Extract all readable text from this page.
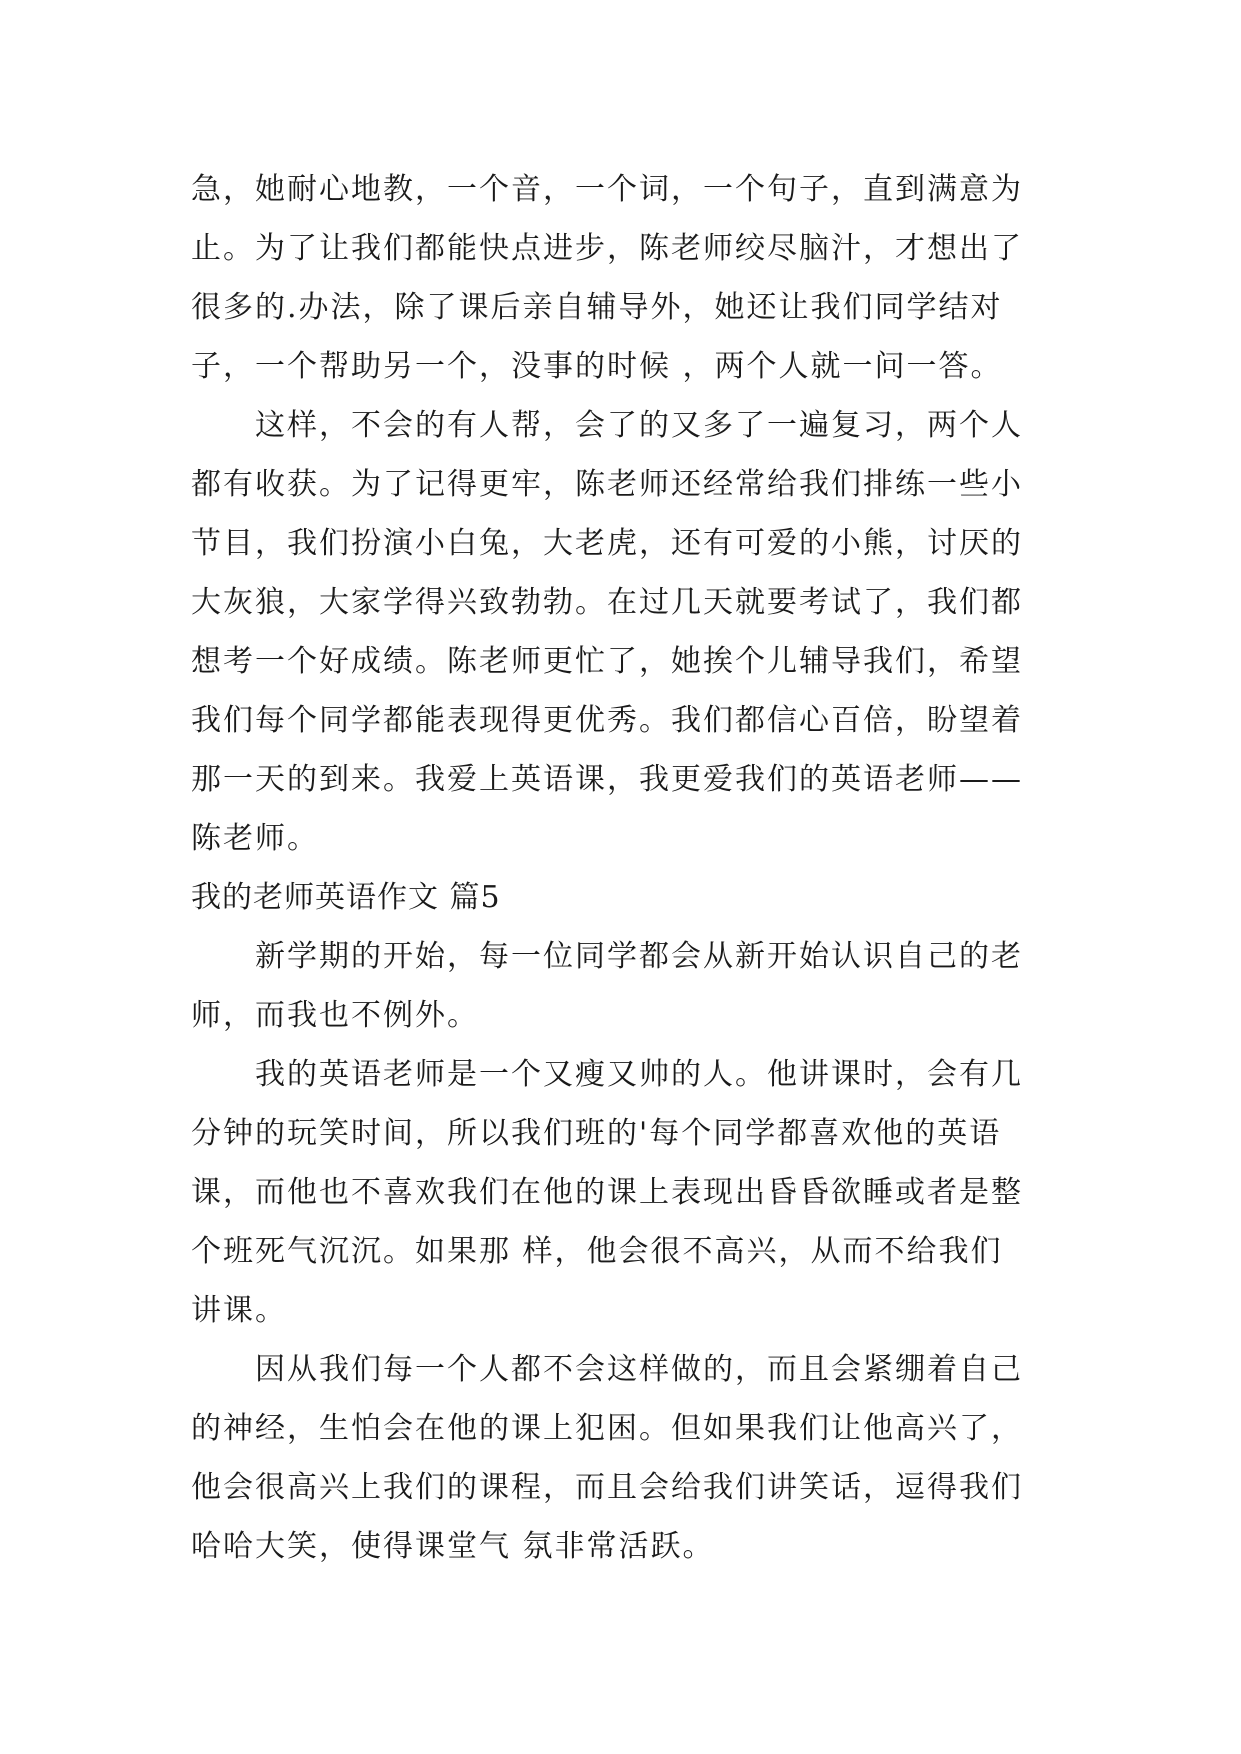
急，她耐心地教，一个音，一个词，一个句子，直到满意为
止。为了让我们都能快点进步，陈老师绞尽脑汁，才想出了
很多的.办法，除了课后亲自辅导外，她还让我们同学结对
子，一个帮助另一个，没事的时候 ，两个人就一问一答。
　　这样，不会的有人帮，会了的又多了一遍复习，两个人
都有收获。为了记得更牢，陈老师还经常给我们排练一些小
节目，我们扮演小白兔，大老虎，还有可爱的小熊，讨厌的
大灰狼，大家学得兴致勃勃。在过几天就要考试了，我们都
想考一个好成绩。陈老师更忙了，她挨个儿辅导我们，希望
我们每个同学都能表现得更优秀。我们都信心百倍，盼望着
那一天的到来。我爱上英语课，我更爱我们的英语老师——
陈老师。
我的老师英语作文 篇5
　　新学期的开始，每一位同学都会从新开始认识自己的老
师，而我也不例外。
　　我的英语老师是一个又瘦又帅的人。他讲课时，会有几
分钟的玩笑时间，所以我们班的'每个同学都喜欢他的英语
课，而他也不喜欢我们在他的课上表现出昏昏欲睡或者是整
个班死气沉沉。如果那 样，他会很不高兴，从而不给我们
讲课。
　　因从我们每一个人都不会这样做的，而且会紧绷着自己
的神经，生怕会在他的课上犯困。但如果我们让他高兴了，
他会很高兴上我们的课程，而且会给我们讲笑话，逗得我们
哈哈大笑，使得课堂气 氛非常活跃。
